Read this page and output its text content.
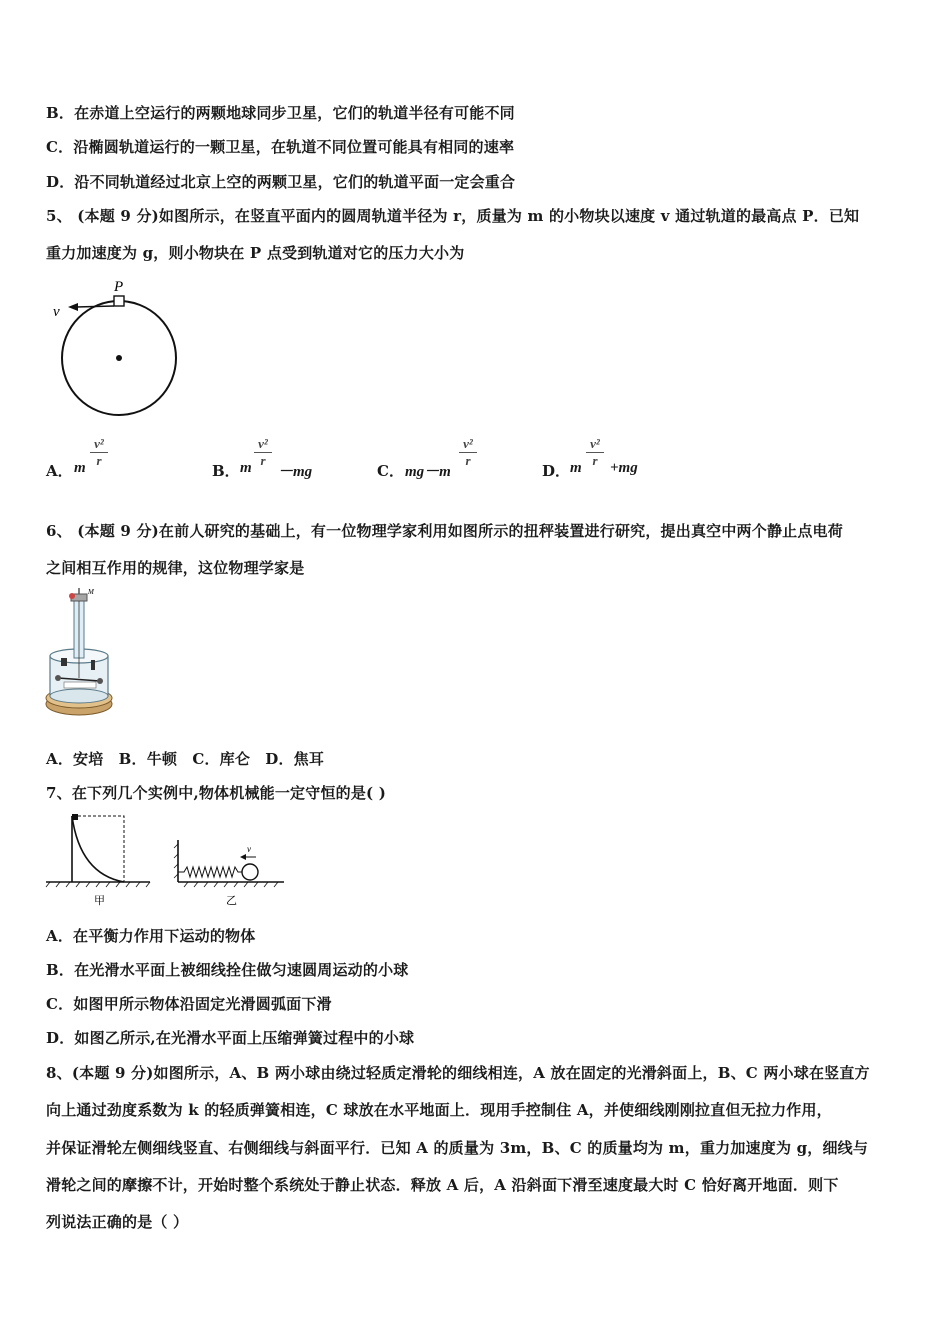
B．在赤道上空运行的两颗地球同步卫星，它们的轨道半径有可能不同
C．沿椭圆轨道运行的一颗卫星，在轨道不同位置可能具有相同的速率
D．沿不同轨道经过北京上空的两颗卫星，它们的轨道平面一定会重合
5、 (本题 9 分)如图所示，在竖直平面内的圆周轨道半径为 r，质量为 m 的小物块以速度 v 通过轨道的最高点 P．已知
重力加速度为 g，则小物块在 P 点受到轨道对它的压力大小为
P
v
A． m
v²
r
B． m
v²
r
－mg	C． mg－m
v²
r
D． m
v²
r +mg
6、 (本题 9 分)在前人研究的基础上，有一位物理学家利用如图所示的扭秤装置进行研究，提出真空中两个静止点电荷
之间相互作用的规律，这位物理学家是
M
A．安培　B．牛顿　C．库仑　D．焦耳
7、在下列几个实例中,物体机械能一定守恒的是( )
甲
v
乙
A．在平衡力作用下运动的物体
B．在光滑水平面上被细线拴住做匀速圆周运动的小球
C．如图甲所示物体沿固定光滑圆弧面下滑
D．如图乙所示,在光滑水平面上压缩弹簧过程中的小球
8、(本题 9 分)如图所示，A、B 两小球由绕过轻质定滑轮的细线相连，A 放在固定的光滑斜面上，B、C 两小球在竖直方
向上通过劲度系数为 k 的轻质弹簧相连，C 球放在水平地面上．现用手控制住 A，并使细线刚刚拉直但无拉力作用，
并保证滑轮左侧细线竖直、右侧细线与斜面平行．已知 A 的质量为 3m，B、C 的质量均为 m，重力加速度为 g，细线与
滑轮之间的摩擦不计，开始时整个系统处于静止状态．释放 A 后，A 沿斜面下滑至速度最大时 C 恰好离开地面．则下
列说法正确的是（ ）
